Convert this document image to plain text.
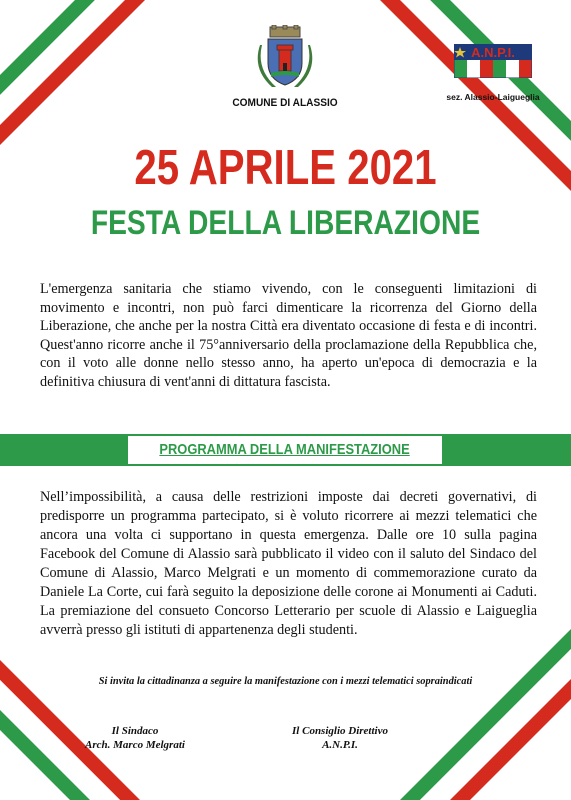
COMUNE DI ALASSIO
A.N.P.I.
sez. Alassio-Laigueglia
25 APRILE 2021
FESTA DELLA LIBERAZIONE
L'emergenza sanitaria che stiamo vivendo, con le conseguenti limitazioni di movimento e incontri, non può farci dimenticare la ricorrenza del Giorno della Liberazione, che anche per la nostra Città era diventato occasione di festa e di incontri. Quest'anno ricorre anche il 75°anniversario della proclamazione della Repubblica che, con il voto alle donne nello stesso anno, ha aperto un'epoca di democrazia e la definitiva chiusura di vent'anni di dittatura fascista.
PROGRAMMA DELLA MANIFESTAZIONE
Nell’impossibilità, a causa delle restrizioni imposte dai decreti governativi, di predisporre un programma partecipato, si è voluto ricorrere ai mezzi telematici che ancora una volta ci supportano in questa emergenza. Dalle ore 10 sulla pagina Facebook del Comune di Alassio sarà pubblicato il video con il saluto del Sindaco del Comune di Alassio, Marco Melgrati e un momento di commemorazione curato da Daniele La Corte, cui farà seguito la deposizione delle corone ai Monumenti ai Caduti. La premiazione del consueto Concorso Letterario per scuole di Alassio e Laigueglia avverrà presso gli istituti di appartenenza degli studenti.
Si invita la cittadinanza a seguire la manifestazione con i mezzi telematici sopraindicati
Il Sindaco
Arch. Marco Melgrati
Il Consiglio Direttivo
A.N.P.I.
